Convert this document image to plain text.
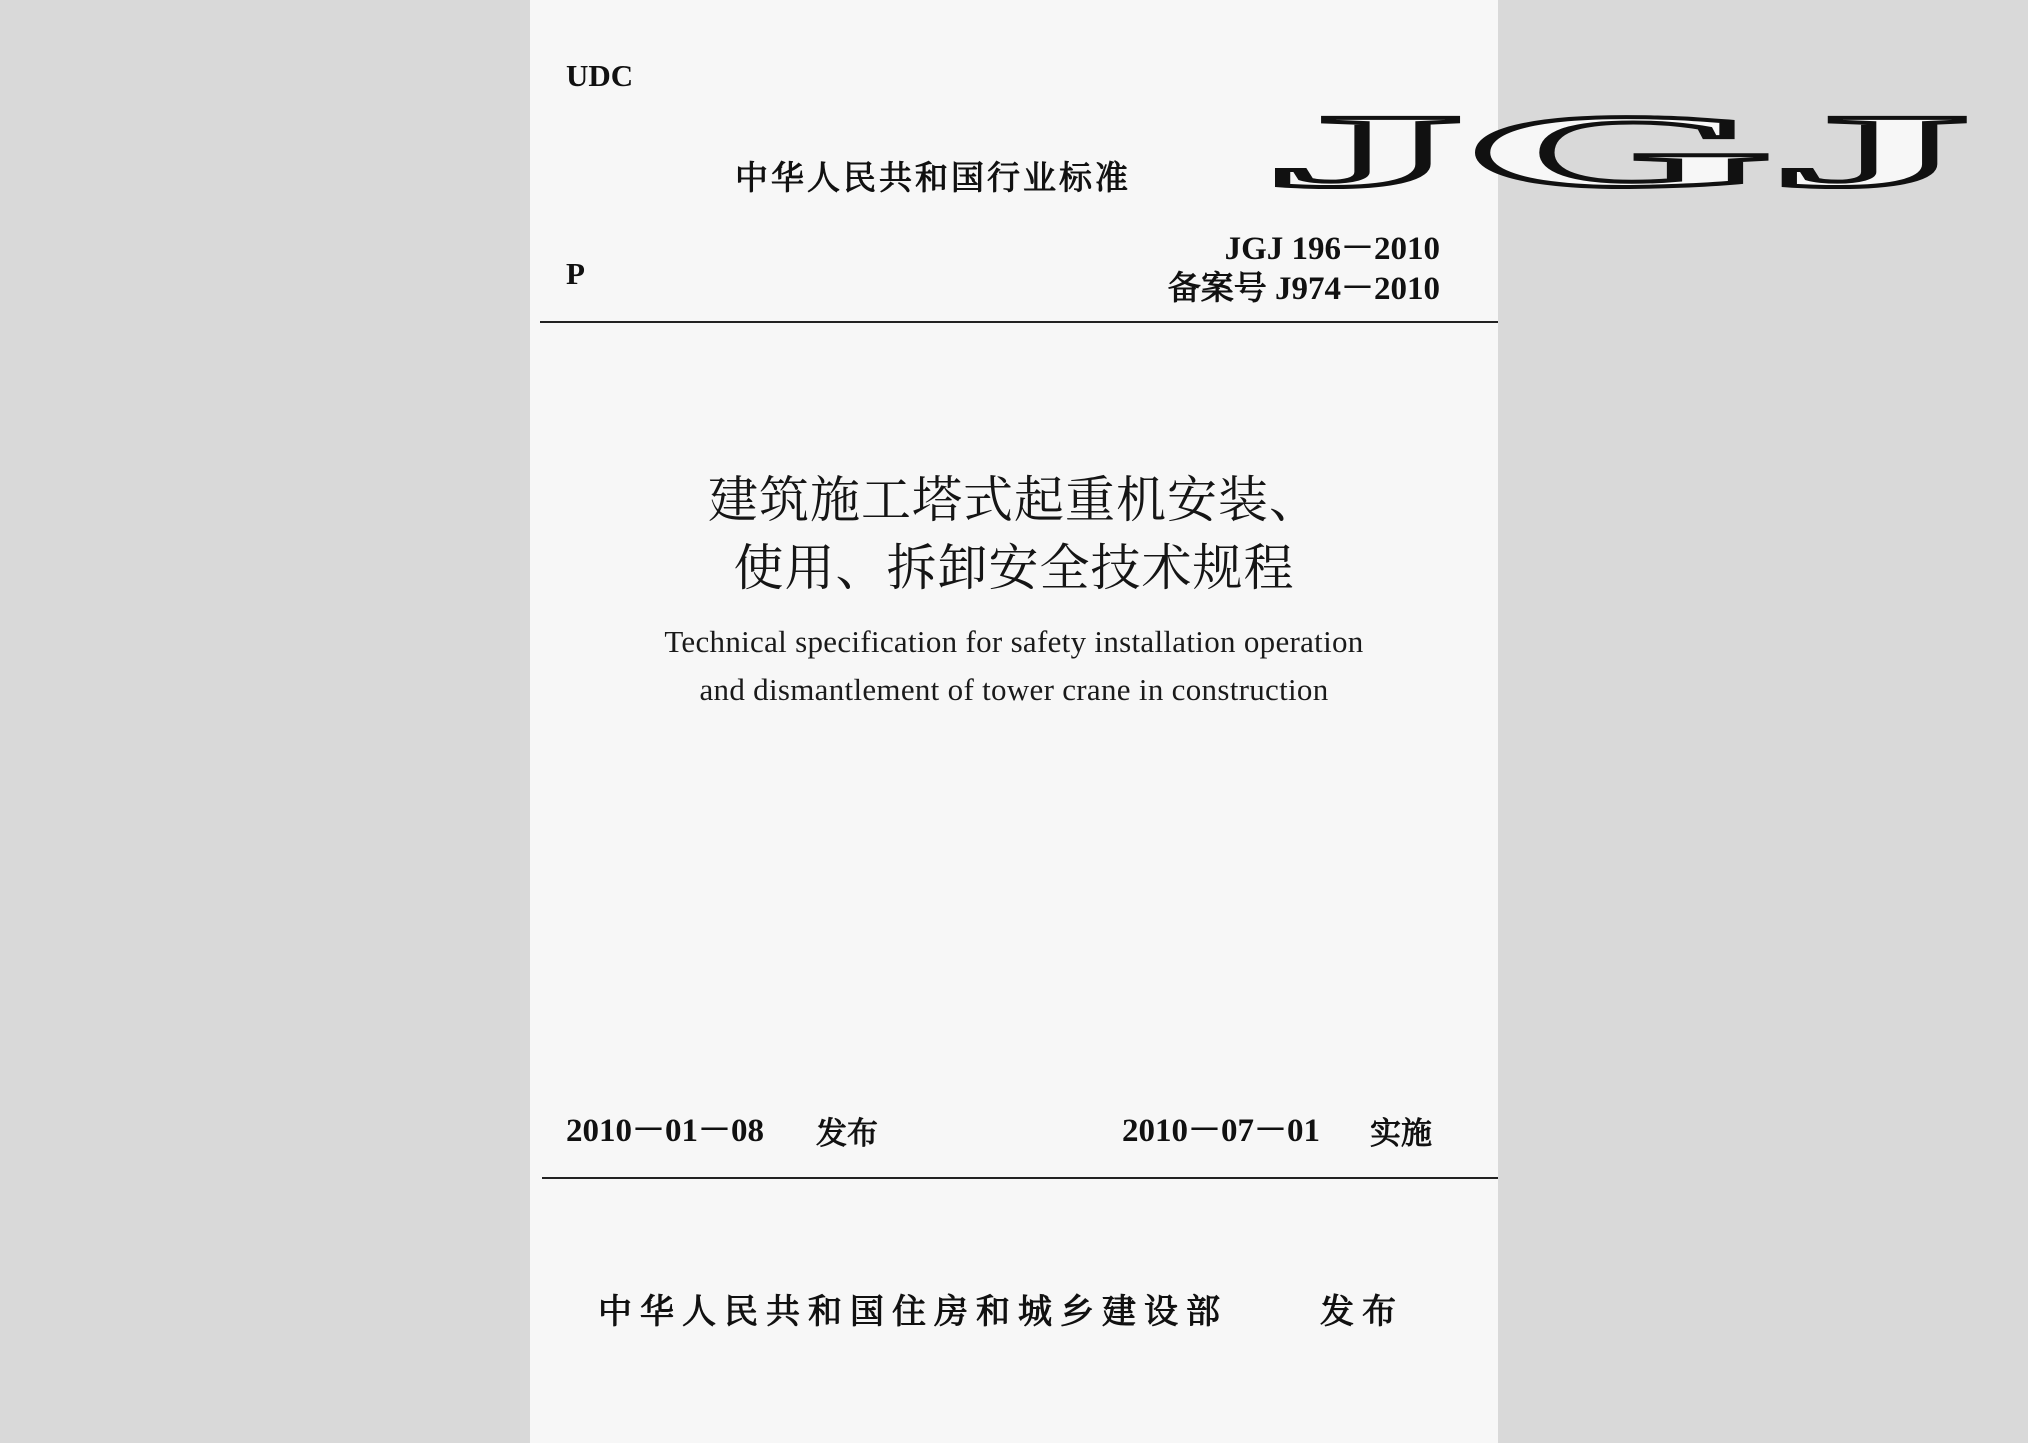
UDC
中华人民共和国行业标准 JGJ
JGJ 196－2010
P	备案号 J974－2010
建筑施工塔式起重机安装、
使用、拆卸安全技术规程
Technical specification for safety installation operation
and dismantlement of tower crane in construction
2010－01－08 发布	2010－07－01 实施
中华人民共和国住房和城乡建设部	发布
